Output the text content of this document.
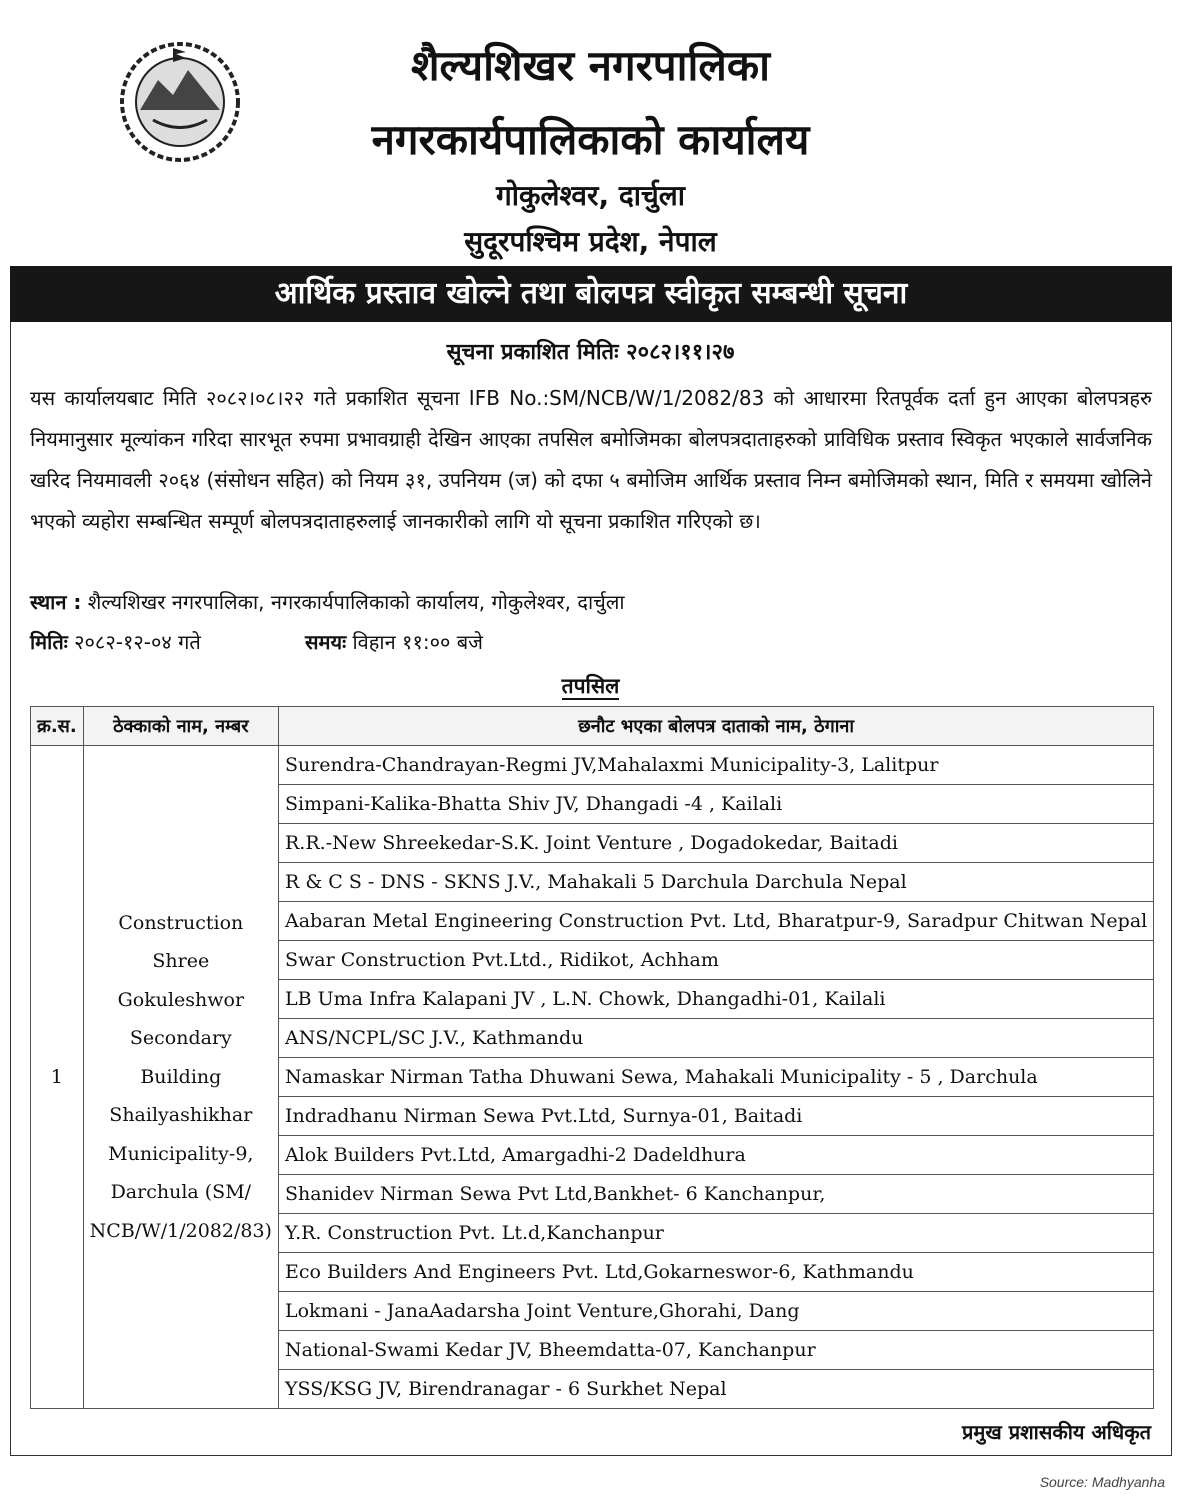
शैल्यशिखर नगरपालिका
नगरकार्यपालिकाको कार्यालय
गोकुलेश्वर, दार्चुला
सुदूरपश्चिम प्रदेश, नेपाल
आर्थिक प्रस्ताव खोल्ने तथा बोलपत्र स्वीकृत सम्बन्धी सूचना
सूचना प्रकाशित मितिः २०८२।११।२७
यस कार्यालयबाट मिति २०८२।०८।२२ गते प्रकाशित सूचना IFB No.:SM/NCB/W/1/2082/83 को आधारमा रितपूर्वक दर्ता हुन आएका बोलपत्रहरु नियमानुसार मूल्यांकन गरिदा सारभूत रुपमा प्रभावग्राही देखिन आएका तपसिल बमोजिमका बोलपत्रदाताहरुको प्राविधिक प्रस्ताव स्विकृत भएकाले सार्वजनिक खरिद नियमावली २०६४ (संसोधन सहित) को नियम ३१, उपनियम (ज) को दफा ५ बमोजिम आर्थिक प्रस्ताव निम्न बमोजिमको स्थान, मिति र समयमा खोलिने भएको व्यहोरा सम्बन्धित सम्पूर्ण बोलपत्रदाताहरुलाई जानकारीको लागि यो सूचना प्रकाशित गरिएको छ।
स्थान : शैल्यशिखर नगरपालिका, नगरकार्यपालिकाको कार्यालय, गोकुलेश्वर, दार्चुला
मितिः २०८२-१२-०४ गते	समयः विहान ११:०० बजे
तपसिल
क्र.स.	ठेक्काको नाम, नम्बर	छनौट भएका बोलपत्र दाताको नाम, ठेगाना
1	Construction Shree Gokuleshwor Secondary Building Shailyashikhar Municipality-9, Darchula (SM/ NCB/W/1/2082/83)	Surendra-Chandrayan-Regmi JV,Mahalaxmi Municipality-3, Lalitpur
		Simpani-Kalika-Bhatta Shiv JV, Dhangadi -4 , Kailali
		R.R.-New Shreekedar-S.K. Joint Venture , Dogadokedar, Baitadi
		R & C S - DNS - SKNS J.V., Mahakali 5 Darchula Darchula Nepal
		Aabaran Metal Engineering Construction Pvt. Ltd, Bharatpur-9, Saradpur Chitwan Nepal
		Swar Construction Pvt.Ltd., Ridikot, Achham
		LB Uma Infra Kalapani JV , L.N. Chowk, Dhangadhi-01, Kailali
		ANS/NCPL/SC J.V., Kathmandu
		Namaskar Nirman Tatha Dhuwani Sewa, Mahakali Municipality - 5 , Darchula
		Indradhanu Nirman Sewa Pvt.Ltd, Surnya-01, Baitadi
		Alok Builders Pvt.Ltd, Amargadhi-2 Dadeldhura
		Shanidev Nirman Sewa Pvt Ltd,Bankhet- 6 Kanchanpur,
		Y.R. Construction Pvt. Lt.d,Kanchanpur
		Eco Builders And Engineers Pvt. Ltd,Gokarneswor-6, Kathmandu
		Lokmani - JanaAadarsha Joint Venture,Ghorahi, Dang
		National-Swami Kedar JV, Bheemdatta-07, Kanchanpur
		YSS/KSG JV, Birendranagar - 6 Surkhet Nepal
प्रमुख प्रशासकीय अधिकृत
Source: Madhyanha
